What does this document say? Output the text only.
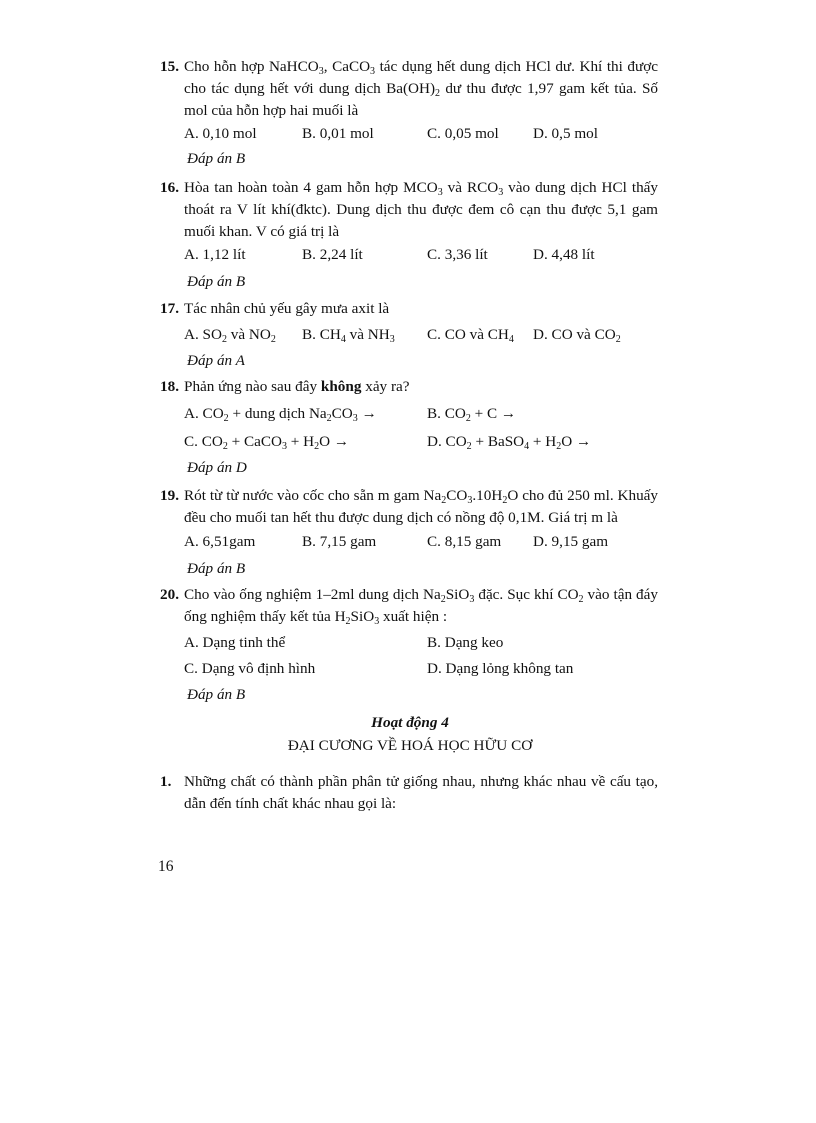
15. Cho hỗn hợp NaHCO$_3$, CaCO$_3$ tác dụng hết dung dịch HCl dư. Khí thi được cho tác dụng hết với dung dịch $Ba(OH)_2$ dư thu được 1,97 gam kết tủa. Số mol của hỗn hợp hai muối là
A. 0,10 mol	B. 0,01 mol	C. 0,05 mol D. 0,5 mol
Đáp án B
16. Hòa tan hoàn toàn 4 gam hỗn hợp $MCO_3$ và $RCO_3$ vào dung dịch HCl thấy thoát ra V lít khí(đktc). Dung dịch thu được đem cô cạn thu được 5,1 gam muối khan. V có giá trị là
A. 1,12 lít	B. 2,24 lít	C. 3,36 lít	D. 4,48 lít
Đáp án B
17. Tác nhân chủ yếu gây mưa axit là
A. $SO_2$ và $NO_2$ B. $CH_4$ và $NH_3$ C. CO và $CH_4$ D. CO và $CO_2$
Đáp án A
18. Phản ứng nào sau đây không xảy ra?
A. $CO_2$ + dung dịch $Na_2CO_3$ →	B. $CO_2 + C$ →
C. $CO_2$ + CaCO$_3$ + $H_2O$ →	D. $CO_2$ + BaSO$_4$ + $H_2O$ →
Đáp án D
19. Rót từ từ nước vào cốc cho sẵn m gam $Na_2CO_3.10H_2O$ cho đủ 250 ml. Khuấy đều cho muối tan hết thu được dung dịch có nồng độ 0,1M. Giá trị m là
A. 6,51gam	B. 7,15 gam	C. 8,15 gam D. 9,15 gam
Đáp án B
20. Cho vào ống nghiệm 1–2ml dung dịch $Na_2SiO_3$ đặc. Sục khí $CO_2$ vào tận đáy ống nghiệm thấy kết tủa $H_2SiO_3$ xuất hiện :
A. Dạng tinh thể	B. Dạng keo
C. Dạng vô định hình	D. Dạng lỏng không tan
Đáp án B
Hoạt động 4
ĐẠI CƯƠNG VỀ HOÁ HỌC HỮU CƠ
1. Những chất có thành phần phân tử giống nhau, nhưng khác nhau về cấu tạo, dẫn đến tính chất khác nhau gọi là:
16
